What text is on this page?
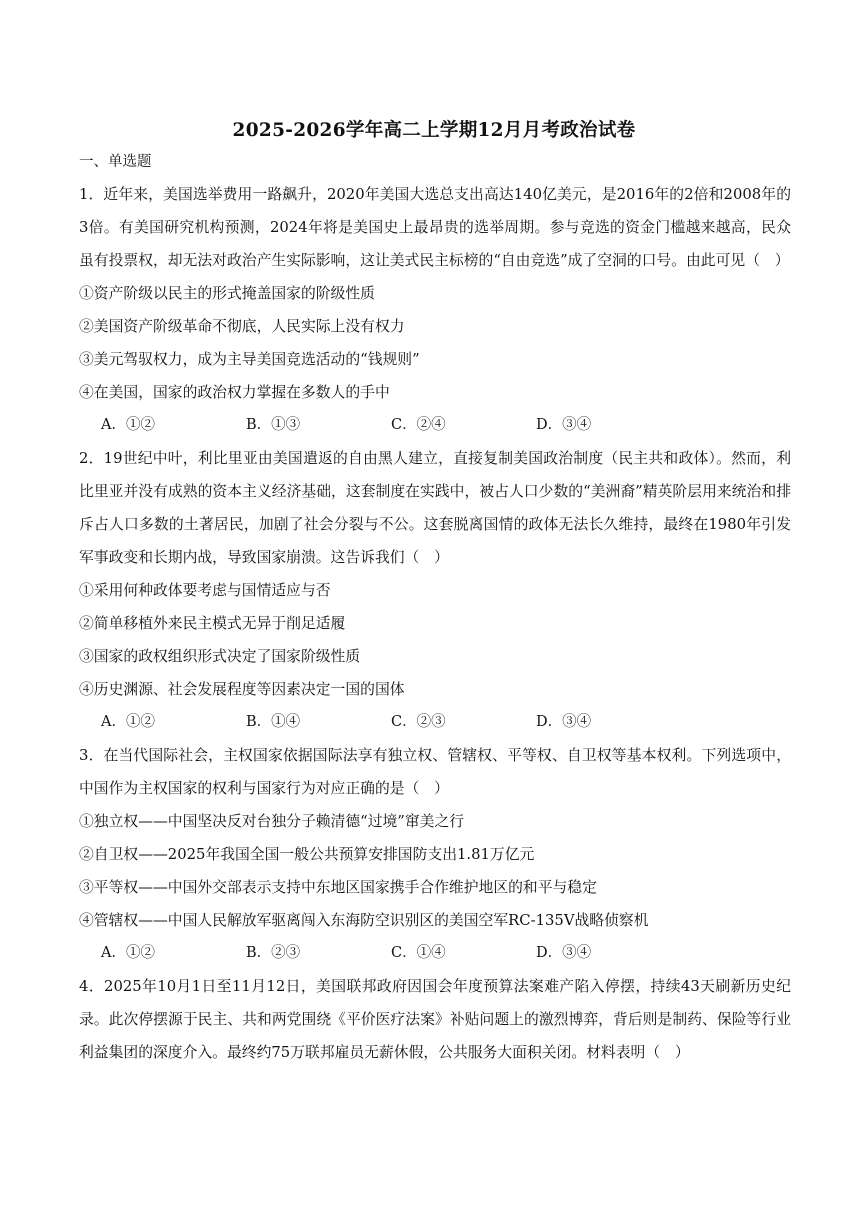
2025-2026学年高二上学期12月月考政治试卷
一、单选题

1．近年来，美国选举费用一路飙升，2020年美国大选总支出高达140亿美元，是2016年的2倍和2008年的3倍。有美国研究机构预测，2024年将是美国史上最昂贵的选举周期。参与竞选的资金门槛越来越高，民众虽有投票权，却无法对政治产生实际影响，这让美式民主标榜的“自由竞选”成了空洞的口号。由此可见（　）

①资产阶级以民主的形式掩盖国家的阶级性质

②美国资产阶级革命不彻底，人民实际上没有权力

③美元驾驭权力，成为主导美国竞选活动的“钱规则”

④在美国，国家的政治权力掌握在多数人的手中

A．①②	B．①③	C．②④	D．③④

2．19世纪中叶，利比里亚由美国遣返的自由黑人建立，直接复制美国政治制度（民主共和政体）。然而，利比里亚并没有成熟的资本主义经济基础，这套制度在实践中，被占人口少数的“美洲裔”精英阶层用来统治和排斥占人口多数的土著居民，加剧了社会分裂与不公。这套脱离国情的政体无法长久维持，最终在1980年引发军事政变和长期内战，导致国家崩溃。这告诉我们（　）

①采用何种政体要考虑与国情适应与否

②简单移植外来民主模式无异于削足适履

③国家的政权组织形式决定了国家阶级性质

④历史渊源、社会发展程度等因素决定一国的国体

A．①②	B．①④	C．②③	D．③④

3．在当代国际社会，主权国家依据国际法享有独立权、管辖权、平等权、自卫权等基本权利。下列选项中，中国作为主权国家的权利与国家行为对应正确的是（　）

①独立权——中国坚决反对台独分子赖清德“过境”窜美之行

②自卫权——2025年我国全国一般公共预算安排国防支出1.81万亿元

③平等权——中国外交部表示支持中东地区国家携手合作维护地区的和平与稳定

④管辖权——中国人民解放军驱离闯入东海防空识别区的美国空军RC-135V战略侦察机

A．①②	B．②③	C．①④	D．③④

4．2025年10月1日至11月12日，美国联邦政府因国会年度预算法案难产陷入停摆，持续43天刷新历史纪录。此次停摆源于民主、共和两党围绕《平价医疗法案》补贴问题上的激烈博弈，背后则是制药、保险等行业利益集团的深度介入。最终约75万联邦雇员无薪休假，公共服务大面积关闭。材料表明（　）
